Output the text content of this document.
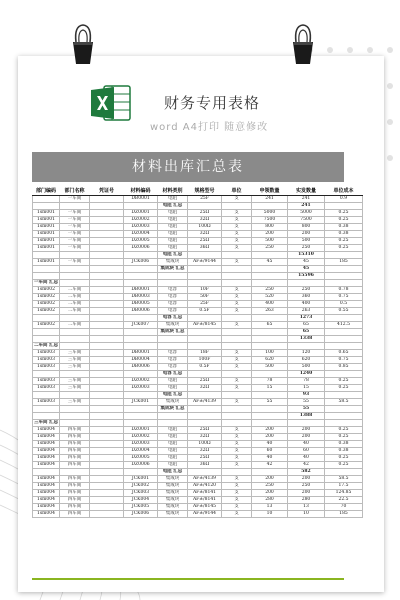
财务专用表格
word A4打印 随意修改
材料出库汇总表
部门编码	部门名称	凭证号	材料编码	材料类别	规格型号	单位	申领数量	实发数量	单位成本
	一车间		DB0001	电阻	25F	支	241	241	0.9
				电阻 汇总				241	
1sm001	一车间		DZ0001	电阻	25Ω	支	5000	5000	0.25
1sm001	一车间		DZ0002	电阻	32Ω	支	7500	7500	0.25
1sm001	一车间		DZ0003	电阻	100Ω	支	800	800	0.38
1sm001	一车间		DZ0004	电阻	32Ω	支	200	200	0.38
1sm001	一车间		DZ0005	电阻	25Ω	支	500	500	0.25
1sm001	一车间		DZ0006	电阻	36Ω	支	250	250	0.25
				电阻 汇总				15310	
1sm001	一车间		JCK006	集成块	AF±/9144	支	45	45	185
				集成块 汇总				45	
								15596	
一车间 汇总									
1sm002	二车间		DB0001	电容	10F	支	250	250	0.78
1sm002	二车间		DB0003	电容	50F	支	520	360	0.75
1sm002	二车间		DB0005	电容	25F	支	400	400	0.5
1sm002	二车间		DB0006	电容	0.5F	支	263	263	0.55
				电容 汇总				1273	
1sm002	二车间		JCK007	集成块	AF±/8145	支	65	65	412.5
				集成块 汇总				65	
								1338	
二车间 汇总									
1sm003	三车间		DB0001	电容	18F	支	100	120	0.65
1sm003	三车间		DB0004	电容	100F	支	620	620	0.75
1sm003	三车间		DB0006	电容	0.5F	支	500	500	0.85
				电容 汇总				1240	
1sm003	三车间		DZ0002	电阻	25Ω	支	78	78	0.25
1sm003	三车间		DZ0003	电阻	32Ω	支	15	15	0.25
				电阻 汇总				93	
1sm003	三车间		JCK001	集成块	AF±/4139	支	55	55	58.5
				集成块 汇总				55	
								1388	
三车间 汇总									
1sm004	四车间		DZ0001	电阻	25Ω	支	200	200	0.25
1sm004	四车间		DZ0002	电阻	32Ω	支	200	200	0.25
1sm004	四车间		DZ0003	电阻	100Ω	支	40	40	0.38
1sm004	四车间		DZ0004	电阻	32Ω	支	60	60	0.38
1sm004	四车间		DZ0005	电阻	25Ω	支	40	40	0.25
1sm004	四车间		DZ0006	电阻	36Ω	支	42	42	0.25
				电阻 汇总				582	
1sm004	四车间		JCK001	集成块	AF±/4139	支	200	200	58.5
1sm004	四车间		JCK002	集成块	AF±/4120	支	250	250	17.5
1sm004	四车间		JCK003	集成块	AF±/8141	支	200	200	124.85
1sm004	四车间		JCK004	集成块	AF±/8141	支	280	280	22.5
1sm004	四车间		JCK005	集成块	AF±/8145	支	13	13	70
1sm004	四车间		JCK006	集成块	AF±/9144	支	10	10	185
